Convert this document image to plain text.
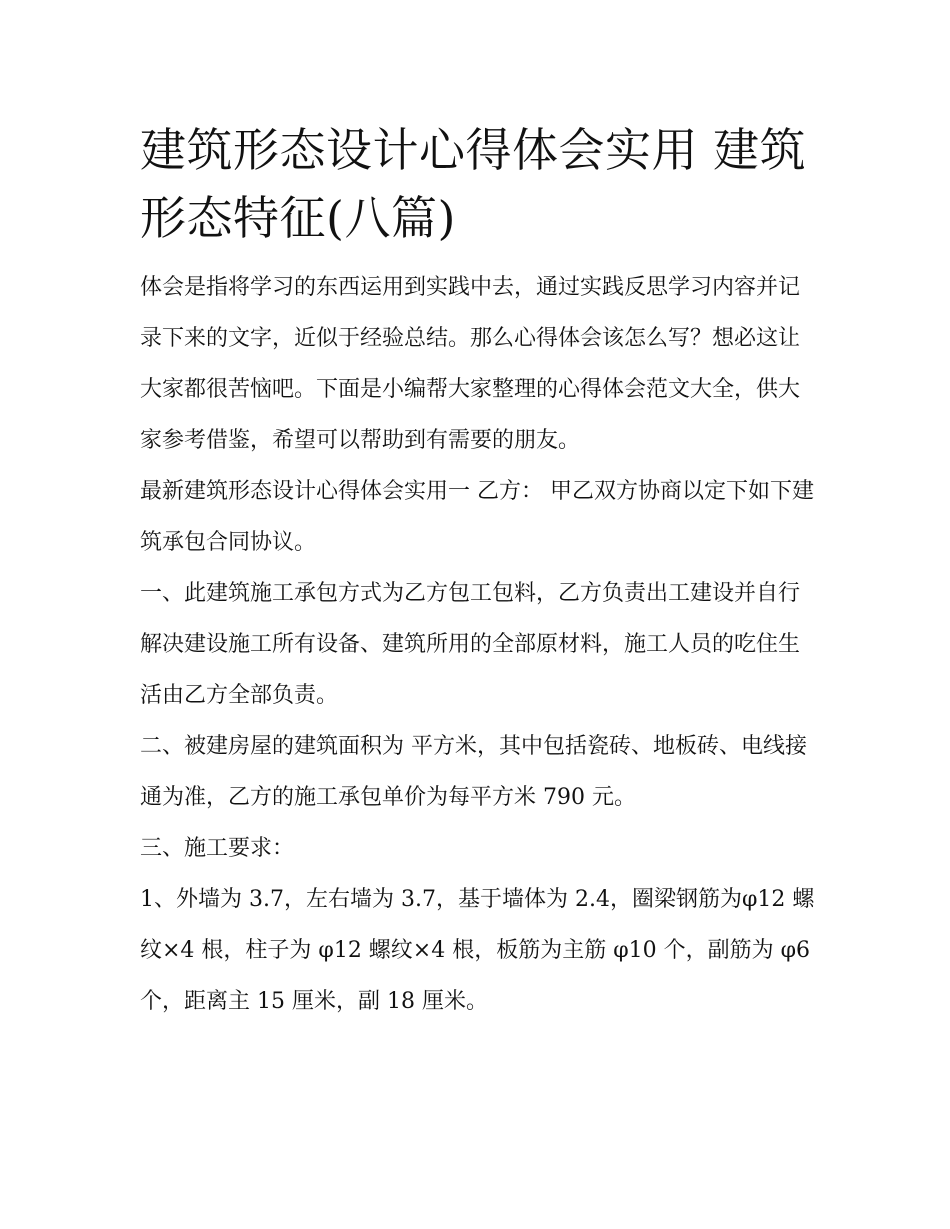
建筑形态设计心得体会实用 建筑形态特征(八篇)

体会是指将学习的东西运用到实践中去，通过实践反思学习内容并记录下来的文字，近似于经验总结。那么心得体会该怎么写？想必这让大家都很苦恼吧。下面是小编帮大家整理的心得体会范文大全，供大家参考借鉴，希望可以帮助到有需要的朋友。

最新建筑形态设计心得体会实用一 乙方： 甲乙双方协商以定下如下建筑承包合同协议。

一、此建筑施工承包方式为乙方包工包料，乙方负责出工建设并自行解决建设施工所有设备、建筑所用的全部原材料，施工人员的吃住生活由乙方全部负责。

二、被建房屋的建筑面积为 平方米，其中包括瓷砖、地板砖、电线接通为准，乙方的施工承包单价为每平方米 790 元。

三、施工要求：

1、外墙为 3.7，左右墙为 3.7，基于墙体为 2.4，圈梁钢筋为φ12 螺纹×4 根，柱子为 φ12 螺纹×4 根，板筋为主筋 φ10 个，副筋为 φ6 个，距离主 15 厘米，副 18 厘米。
